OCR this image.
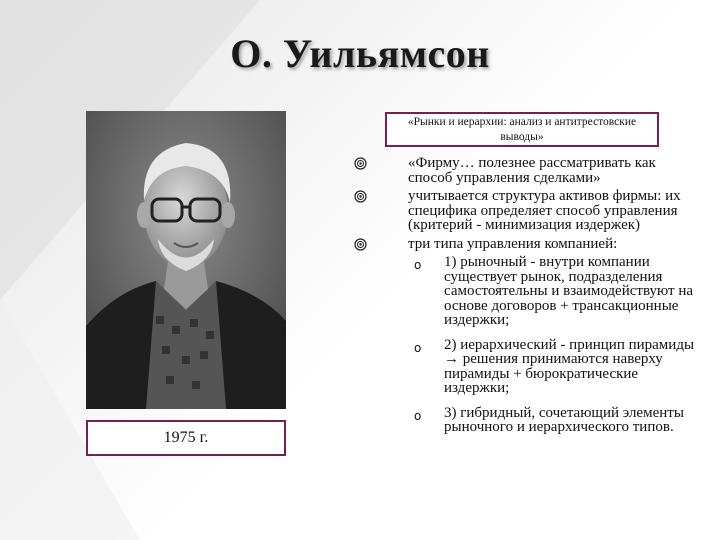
О. Уильямсон
1975 г.
«Рынки и иерархии: анализ и антитрестовские выводы»
«Фирму… полезнее рассматривать как способ управления сделками»
учитывается структура активов фирмы: их специфика определяет способ управления (критерий - минимизация издержек)
три типа управления компанией:
o 1) рыночный - внутри компании существует рынок, подразделения самостоятельны и взаимодействуют на основе договоров + трансакционные издержки;
o 2) иерархический - принцип пирамиды → решения принимаются наверху пирамиды + бюрократические издержки;
o 3) гибридный, сочетающий элементы рыночного и иерархического типов.
